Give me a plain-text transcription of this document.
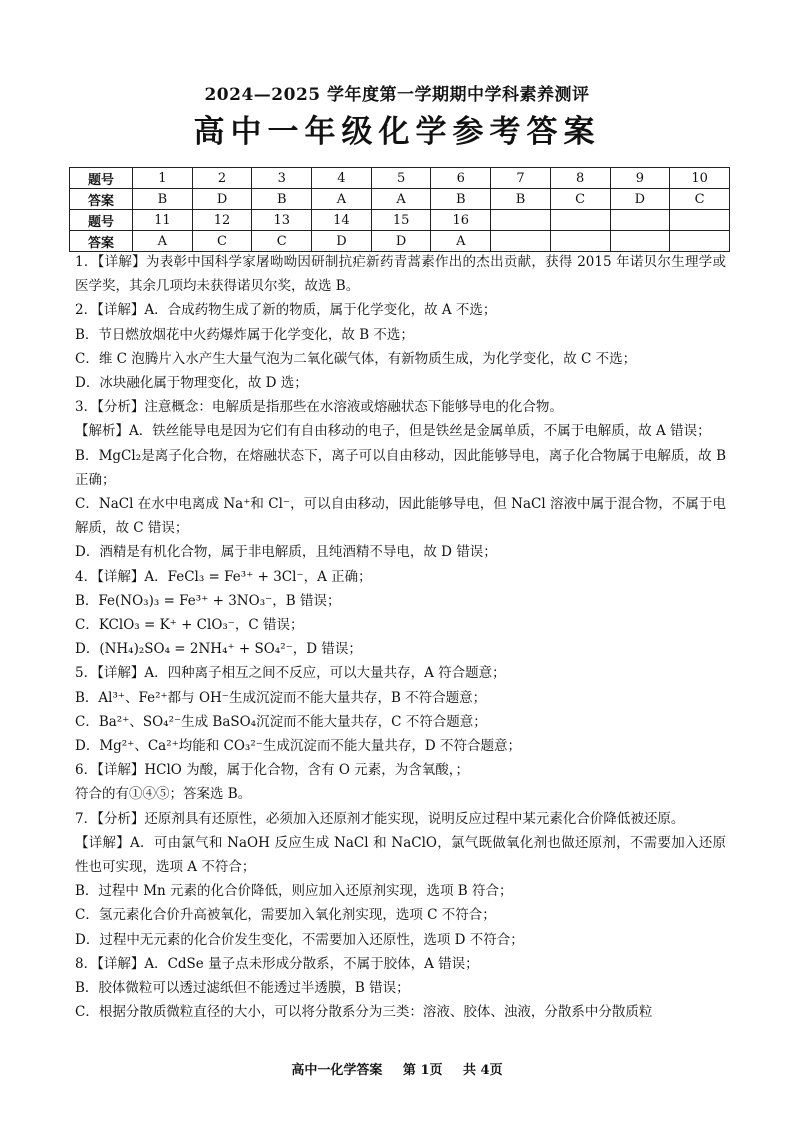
2024—2025 学年度第一学期期中学科素养测评
高中一年级化学参考答案
题号	1	2	3	4	5	6	7	8	9	10
答案	B	D	B	A	A	B	B	C	D	C
题号	11	12	13	14	15	16				
答案	A	C	C	D	D	A				

1．【详解】为表彰中国科学家屠呦呦因研制抗疟新药青蒿素作出的杰出贡献，获得 2015 年诺贝尔生理学或医学奖，其余几项均未获得诺贝尔奖，故选 B。

2．【详解】A．合成药物生成了新的物质，属于化学变化，故 A 不选；

B．节日燃放烟花中火药爆炸属于化学变化，故 B 不选；

C．维 C 泡腾片入水产生大量气泡为二氧化碳气体，有新物质生成，为化学变化，故 C 不选；

D．冰块融化属于物理变化，故 D 选；

3．【分析】注意概念：电解质是指那些在水溶液或熔融状态下能够导电的化合物。

【解析】A．铁丝能导电是因为它们有自由移动的电子，但是铁丝是金属单质，不属于电解质，故 A 错误；

B．MgCl₂是离子化合物，在熔融状态下，离子可以自由移动，因此能够导电，离子化合物属于电解质，故 B 正确；

C．NaCl 在水中电离成 Na⁺和 Cl⁻，可以自由移动，因此能够导电，但 NaCl 溶液中属于混合物，不属于电解质，故 C 错误；

D．酒精是有机化合物，属于非电解质，且纯酒精不导电，故 D 错误；

4．【详解】A．FeCl₃ = Fe³⁺ + 3Cl⁻，A 正确；

B．Fe(NO₃)₃ = Fe³⁺ + 3NO₃⁻，B 错误；

C．KClO₃ = K⁺ + ClO₃⁻，C 错误；

D．(NH₄)₂SO₄ = 2NH₄⁺ + SO₄²⁻，D 错误；

5．【详解】A．四种离子相互之间不反应，可以大量共存，A 符合题意；

B．Al³⁺、Fe²⁺都与 OH⁻生成沉淀而不能大量共存，B 不符合题意；

C．Ba²⁺、SO₄²⁻生成 BaSO₄沉淀而不能大量共存，C 不符合题意；

D．Mg²⁺、Ca²⁺均能和 CO₃²⁻生成沉淀而不能大量共存，D 不符合题意；

6．【详解】HClO 为酸，属于化合物，含有 O 元素，为含氧酸，；

符合的有①④⑤；答案选 B。

7．【分析】还原剂具有还原性，必须加入还原剂才能实现，说明反应过程中某元素化合价降低被还原。

【详解】A．可由氯气和 NaOH 反应生成 NaCl 和 NaClO，氯气既做氧化剂也做还原剂，不需要加入还原性也可实现，选项 A 不符合；

B．过程中 Mn 元素的化合价降低，则应加入还原剂实现，选项 B 符合；

C．氢元素化合价升高被氧化，需要加入氧化剂实现，选项 C 不符合；

D．过程中无元素的化合价发生变化，不需要加入还原性，选项 D 不符合；

8．【详解】A．CdSe 量子点未形成分散系，不属于胶体，A 错误；

B．胶体微粒可以透过滤纸但不能透过半透膜，B 错误；

C．根据分散质微粒直径的大小，可以将分散系分为三类：溶液、胶体、浊液，分散系中分散质粒

高中一化学答案 第 1页 共 4页
